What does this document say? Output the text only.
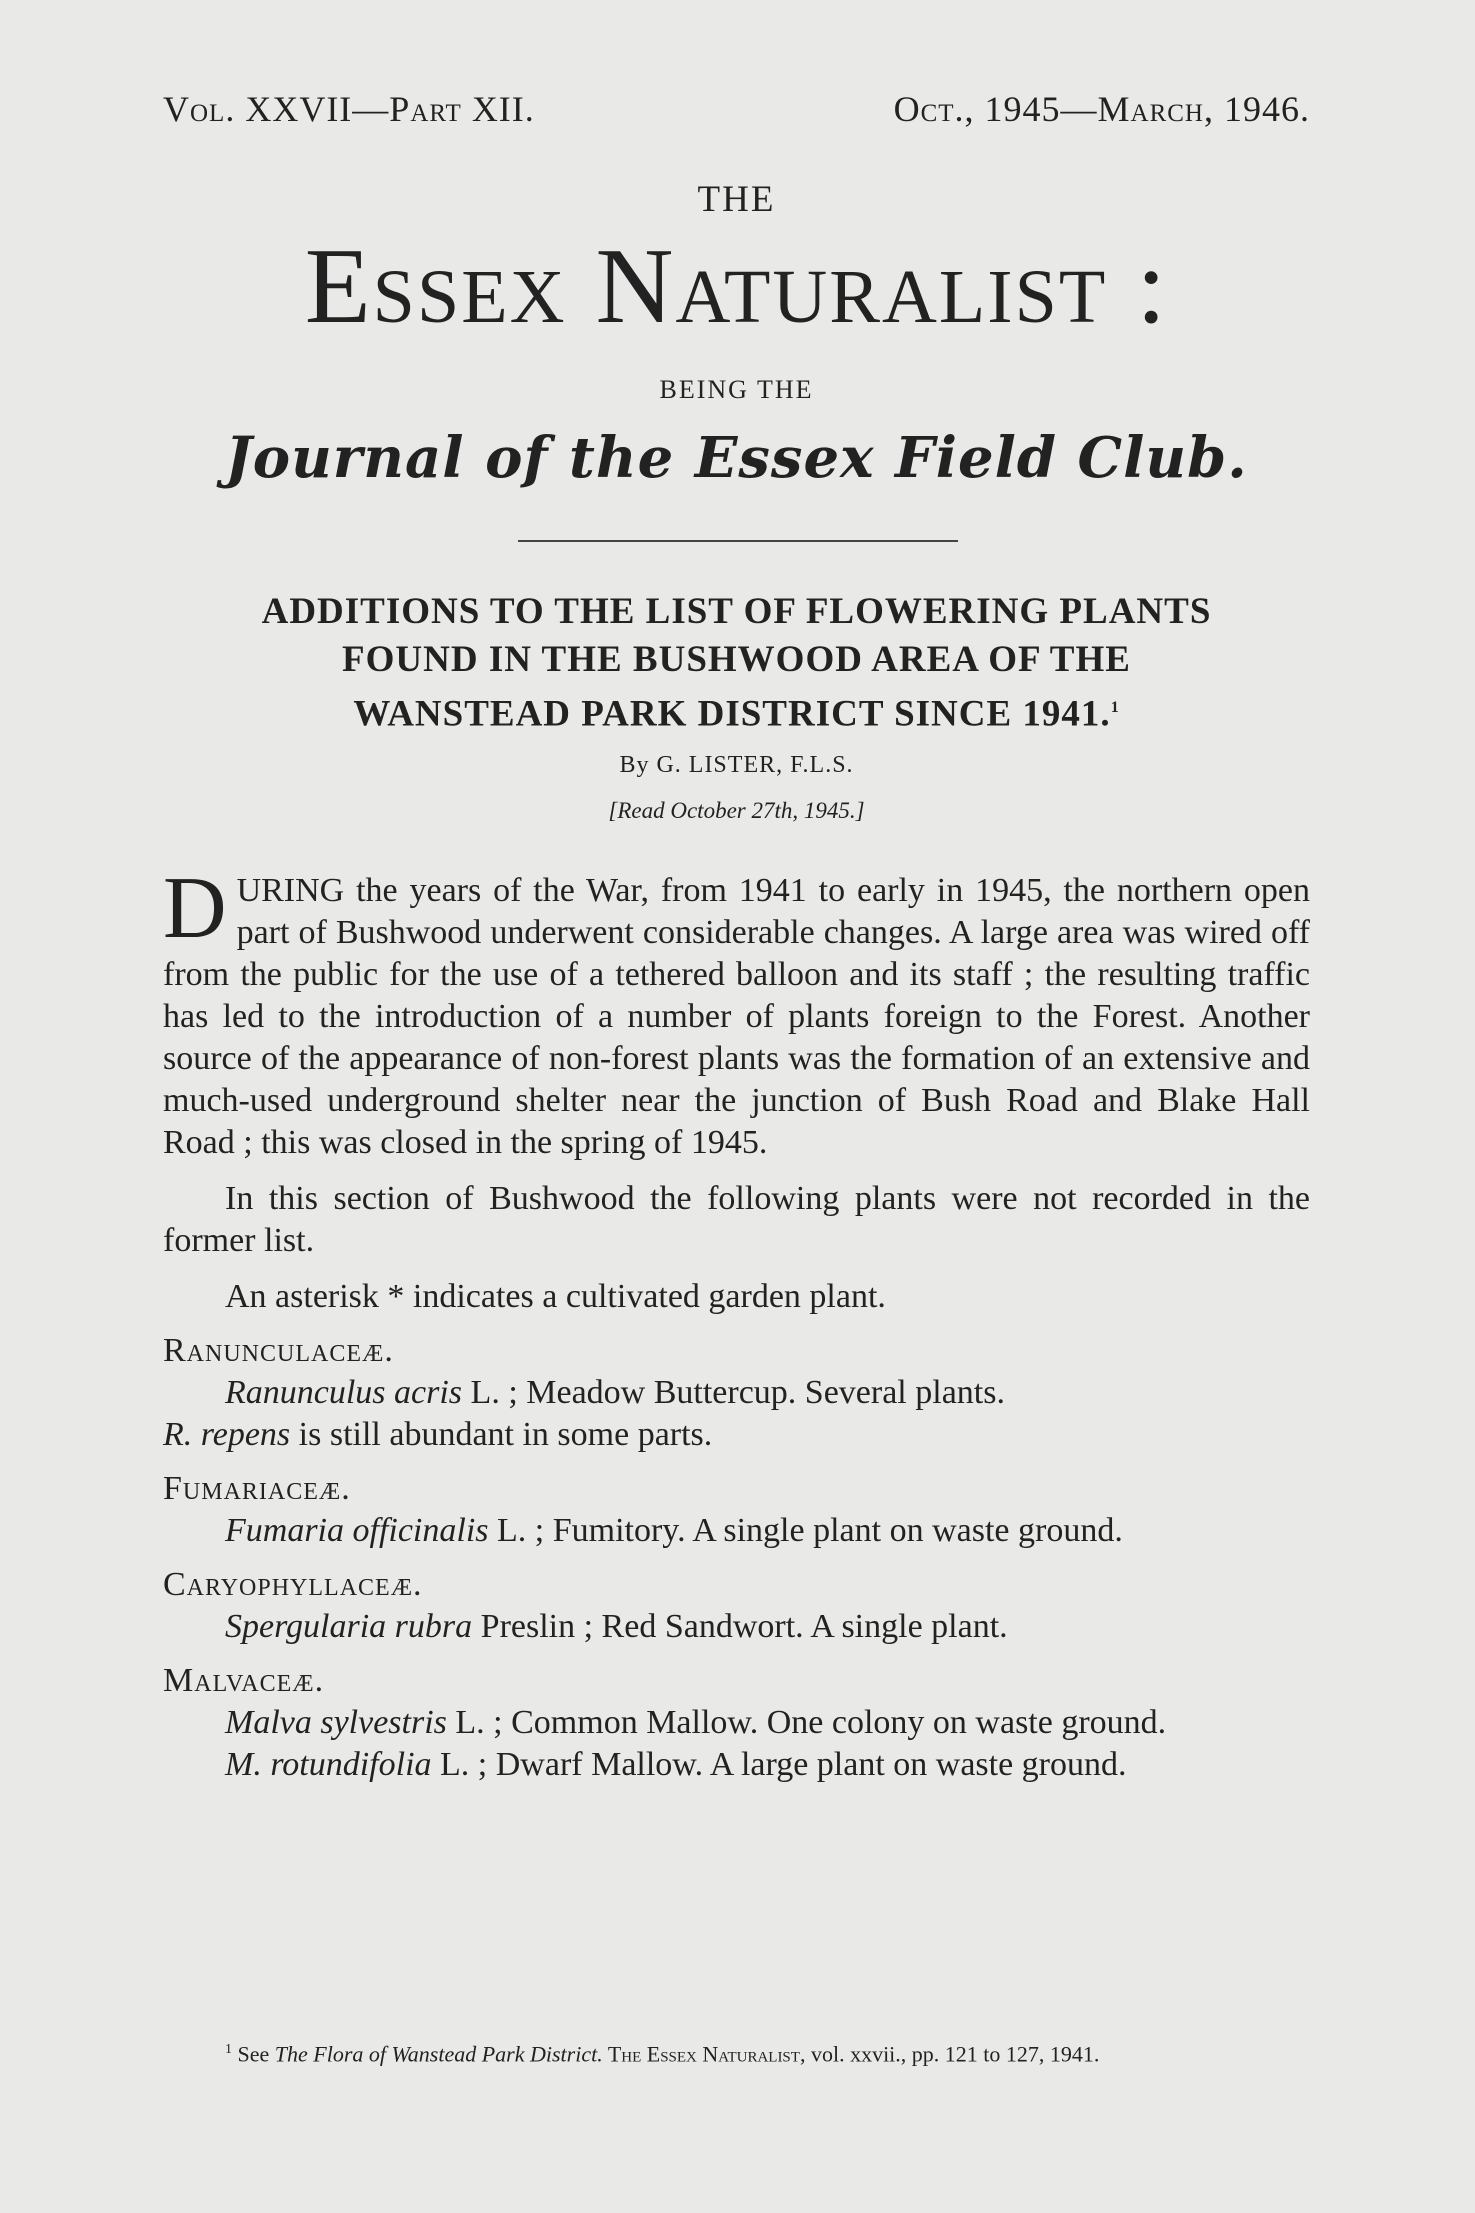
Vol. XXVII—Part XII.	Oct., 1945—March, 1946.
THE
Essex Naturalist :
BEING THE
Journal of the Essex Field Club.
ADDITIONS TO THE LIST OF FLOWERING PLANTS
FOUND IN THE BUSHWOOD AREA OF THE
WANSTEAD PARK DISTRICT SINCE 1941.$^1$
By G. LISTER, F.L.S.
[Read October 27th, 1945.]

DURING the years of the War, from 1941 to early in 1945, the northern open part of Bushwood underwent considerable changes. A large area was wired off from the public for the use of a tethered balloon and its staff ; the resulting traffic has led to the introduction of a number of plants foreign to the Forest. Another source of the appearance of non-forest plants was the formation of an extensive and much-used underground shelter near the junction of Bush Road and Blake Hall Road ; this was closed in the spring of 1945.

In this section of Bushwood the following plants were not recorded in the former list.

An asterisk * indicates a cultivated garden plant.

Ranunculaceæ.

Ranunculus acris L. ; Meadow Buttercup. Several plants.

R. repens is still abundant in some parts.

Fumariaceæ.

Fumaria officinalis L. ; Fumitory. A single plant on waste ground.

Caryophyllaceæ.

Spergularia rubra Preslin ; Red Sandwort. A single plant.

Malvaceæ.

Malva sylvestris L. ; Common Mallow. One colony on waste ground.

M. rotundifolia L. ; Dwarf Mallow. A large plant on waste ground.

$^1$ See The Flora of Wanstead Park District. The Essex Naturalist, vol. xxvii., pp. 121 to 127, 1941.
